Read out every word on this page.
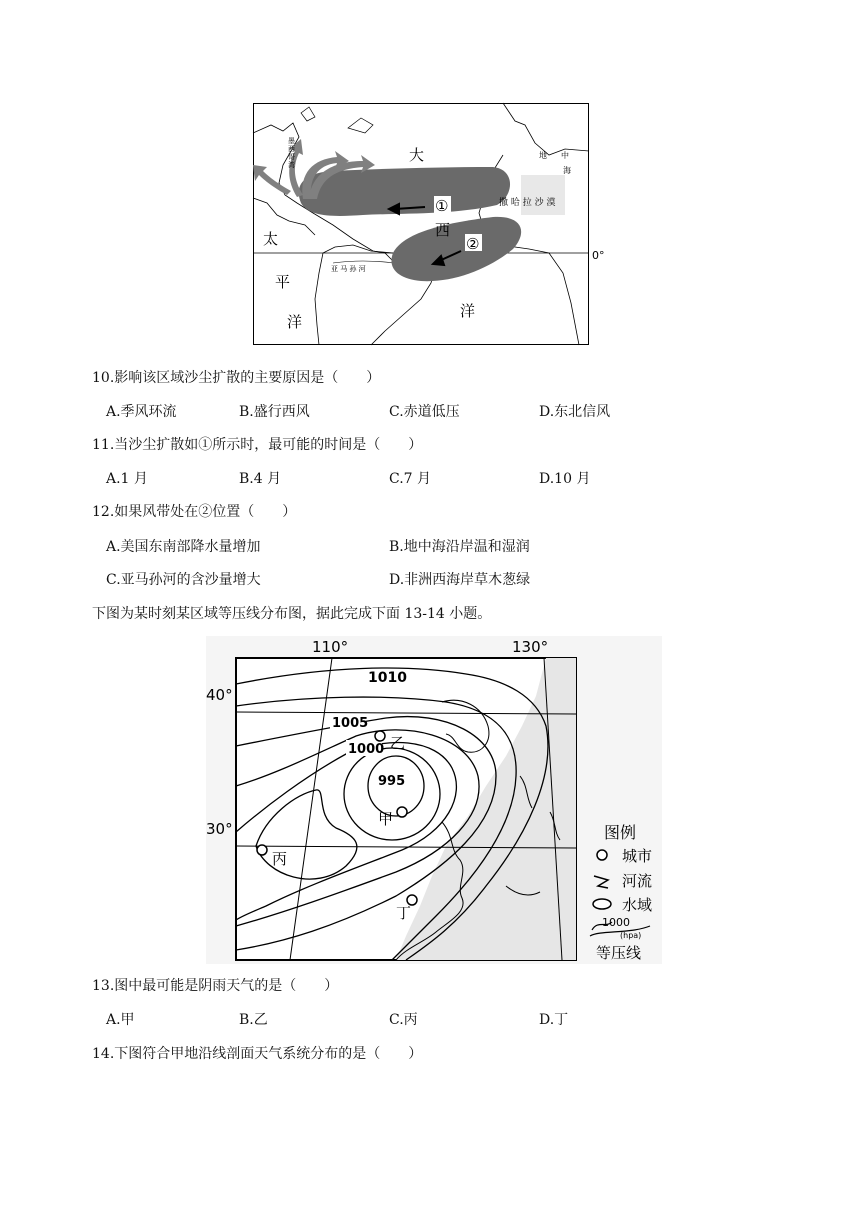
大
西
洋
太
平
洋
0°
①
②
撒 哈 拉 沙 漠
亚 马 孙 河
地 中
海
墨
西
哥
湾
10.影响该区域沙尘扩散的主要原因是（　　）
A.季风环流	B.盛行西风	C.赤道低压	D.东北信风
11.当沙尘扩散如①所示时，最可能的时间是（　　）
A.1 月	B.4 月	C.7 月	D.10 月
12.如果风带处在②位置（　　）
A.美国东南部降水量增加	B.地中海沿岸温和湿润
C.亚马孙河的含沙量增大	D.非洲西海岸草木葱绿
下图为某时刻某区域等压线分布图，据此完成下面 13-14 小题。
1010
1005
1000
995
甲
乙
丙
丁
110°	130°
40°
30°	图例
城市
河流
水域
1000
(hpa)
等压线
13.图中最可能是阴雨天气的是（　　）
A.甲	B.乙	C.丙	D.丁
14.下图符合甲地沿线剖面天气系统分布的是（　　）
